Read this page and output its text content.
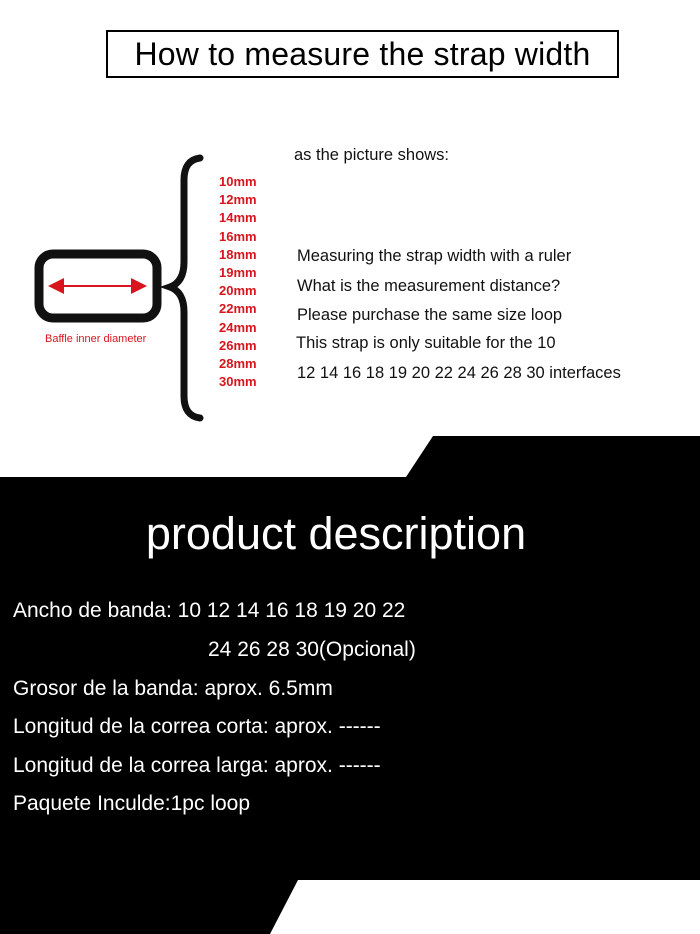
How to measure the strap width
Baffle inner diameter
10mm
12mm
14mm
16mm
18mm
19mm
20mm
22mm
24mm
26mm
28mm
30mm
as the picture shows:
Measuring the strap width with a ruler
What is the measurement distance?
Please purchase the same size loop
This strap is only suitable for the 10
12 14 16 18 19 20 22 24 26 28 30 interfaces
product description
Ancho de banda: 10 12 14 16 18 19 20 22
24 26 28 30(Opcional)
Grosor de la banda: aprox. 6.5mm
Longitud de la correa corta: aprox. ------
Longitud de la correa larga: aprox. ------
Paquete Inculde:1pc loop
Optional color
